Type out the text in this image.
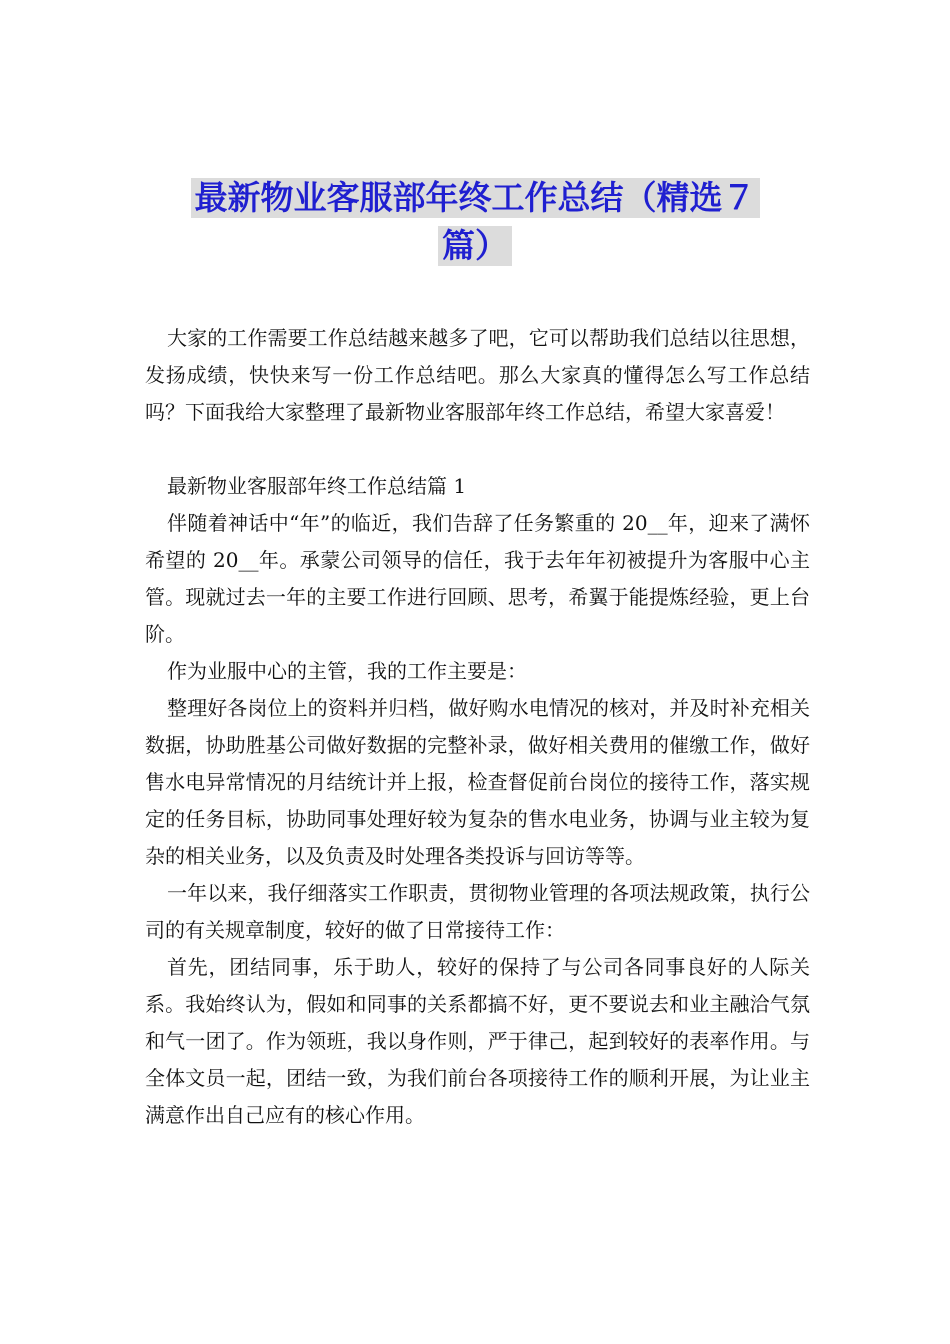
最新物业客服部年终工作总结（精选７
篇）

大家的工作需要工作总结越来越多了吧，它可以帮助我们总结以往思想，发扬成绩，快快来写一份工作总结吧。那么大家真的懂得怎么写工作总结吗？下面我给大家整理了最新物业客服部年终工作总结，希望大家喜爱！

最新物业客服部年终工作总结篇 1

伴随着神话中“年”的临近，我们告辞了任务繁重的 20__年，迎来了满怀希望的 20__年。承蒙公司领导的信任，我于去年年初被提升为客服中心主管。现就过去一年的主要工作进行回顾、思考，希翼于能提炼经验，更上台阶。

作为业服中心的主管，我的工作主要是：

整理好各岗位上的资料并归档，做好购水电情况的核对，并及时补充相关数据，协助胜基公司做好数据的完整补录，做好相关费用的催缴工作，做好售水电异常情况的月结统计并上报，检查督促前台岗位的接待工作，落实规定的任务目标，协助同事处理好较为复杂的售水电业务，协调与业主较为复杂的相关业务，以及负责及时处理各类投诉与回访等等。

一年以来，我仔细落实工作职责，贯彻物业管理的各项法规政策，执行公司的有关规章制度，较好的做了日常接待工作：

首先，团结同事，乐于助人，较好的保持了与公司各同事良好的人际关系。我始终认为，假如和同事的关系都搞不好，更不要说去和业主融洽气氛和气一团了。作为领班，我以身作则，严于律己，起到较好的表率作用。与全体文员一起，团结一致，为我们前台各项接待工作的顺利开展，为让业主满意作出自己应有的核心作用。
